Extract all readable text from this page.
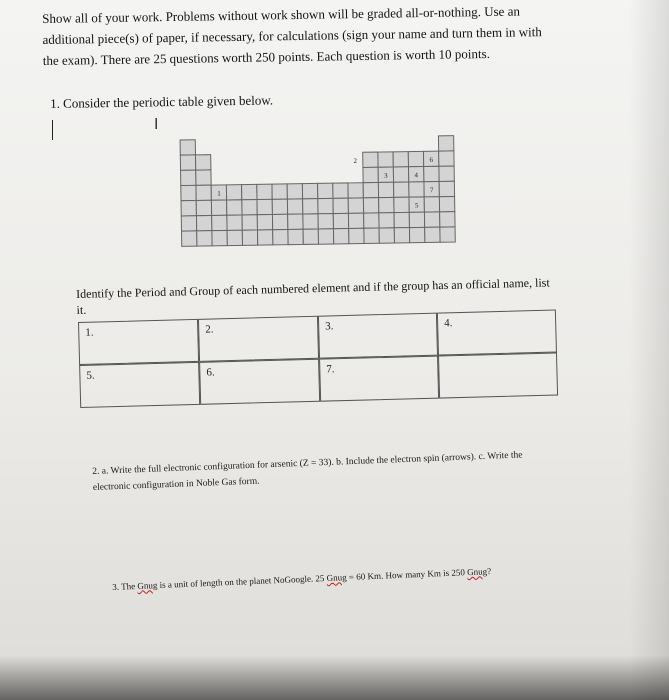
Show all of your work. Problems without work shown will be graded all-or-nothing. Use an additional piece(s) of paper, if necessary, for calculations (sign your name and turn them in with the exam). There are 25 questions worth 250 points. Each question is worth 10 points.
1. Consider the periodic table given below.
I
1
2
3	4
5
6
7
Identify the Period and Group of each numbered element and if the group has an official name, list it.
1.	2.	3.	4.
5.	6.	7.
2. a. Write the full electronic configuration for arsenic (Z = 33). b. Include the electron spin (arrows). c. Write the electronic configuration in Noble Gas form.
3. The Gnug is a unit of length on the planet NoGoogle. 25 Gnug = 60 Km. How many Km is 250 Gnug?
